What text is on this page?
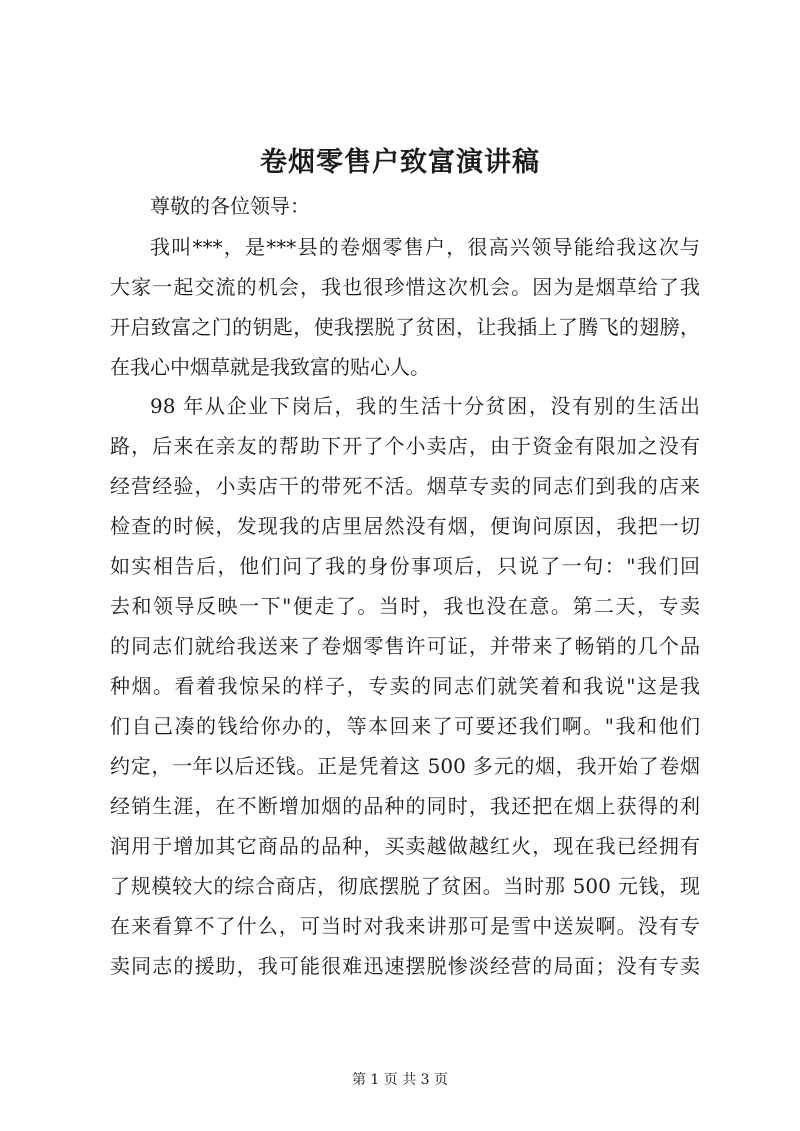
卷烟零售户致富演讲稿
尊敬的各位领导：
我叫***，是***县的卷烟零售户，很高兴领导能给我这次与
大家一起交流的机会，我也很珍惜这次机会。因为是烟草给了我
开启致富之门的钥匙，使我摆脱了贫困，让我插上了腾飞的翅膀，
在我心中烟草就是我致富的贴心人。
98 年从企业下岗后，我的生活十分贫困，没有别的生活出
路，后来在亲友的帮助下开了个小卖店，由于资金有限加之没有
经营经验，小卖店干的带死不活。烟草专卖的同志们到我的店来
检查的时候，发现我的店里居然没有烟，便询问原因，我把一切
如实相告后，他们问了我的身份事项后，只说了一句："我们回
去和领导反映一下"便走了。当时，我也没在意。第二天，专卖
的同志们就给我送来了卷烟零售许可证，并带来了畅销的几个品
种烟。看着我惊呆的样子，专卖的同志们就笑着和我说"这是我
们自己凑的钱给你办的，等本回来了可要还我们啊。"我和他们
约定，一年以后还钱。正是凭着这 500 多元的烟，我开始了卷烟
经销生涯，在不断增加烟的品种的同时，我还把在烟上获得的利
润用于增加其它商品的品种，买卖越做越红火，现在我已经拥有
了规模较大的综合商店，彻底摆脱了贫困。当时那 500 元钱，现
在来看算不了什么，可当时对我来讲那可是雪中送炭啊。没有专
卖同志的援助，我可能很难迅速摆脱惨淡经营的局面；没有专卖
第 1 页 共 3 页
